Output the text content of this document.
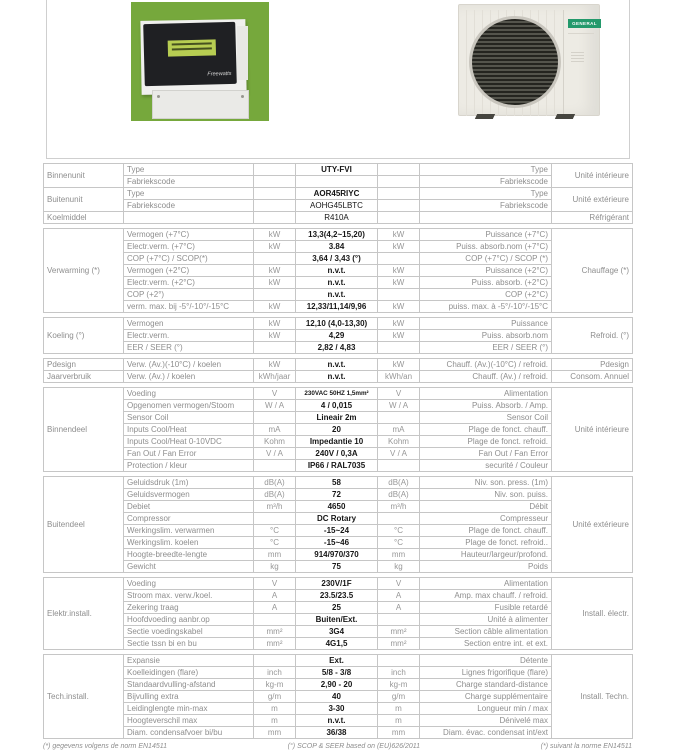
Freewatts
GENERAL
Binnenunit	Type		UTY-FVI		Type	Unité intérieure
	Fabriekscode				Fabriekscode	
Buitenunit	Type		AOR45RIYC		Type	Unité extérieure
	Fabriekscode		AOHG45LBTC		Fabriekscode	
Koelmiddel			R410A			Réfrigérant
Verwarming (*)	Vermogen (+7°C)	kW	13,3(4,2~15,20)	kW	Puissance (+7°C)	Chauffage (*)
	Electr.verm. (+7°C)	kW	3.84	kW	Puiss. absorb.nom (+7°C)	
	COP (+7°C) / SCOP(*)		3,64 / 3,43 (°)		COP (+7°C) / SCOP (*)	
	Vermogen (+2°C)	kW	n.v.t.	kW	Puissance (+2°C)	
	Electr.verm. (+2°C)	kW	n.v.t.	kW	Puiss. absorb. (+2°C)	
	COP (+2°)		n.v.t.		COP (+2°C)	
	verm. max. bij -5°/-10°/-15°C	kW	12,33/11,14/9,96	kW	puiss. max. à -5°/-10°/-15°C	
Koeling (°)	Vermogen	kW	12,10 (4,0-13,30)	kW	Puissance	Refroid. (°)
	Electr.verm.	kW	4,29	kW	Puiss. absorb.nom	
	EER / SEER (°)		2,82 / 4,83		EER / SEER (°)	
Pdesign	Verw. (Av.)(-10°C) / koelen	kW	n.v.t.	kW	Chauff. (Av.)(-10°C) / refroid.	Pdesign
Jaarverbruik	Verw. (Av.) / koelen	kWh/jaar	n.v.t.	kWh/an	Chauff. (Av.) / refroid.	Consom. Annuel
Binnendeel	Voeding	V	230VAC 50HZ 1,5mm²	V	Alimentation	Unité intérieure
	Opgenomen vermogen/Stoom	W / A	4 / 0,015	W / A	Puiss. Absorb. / Amp.	
	Sensor Coil		Lineair 2m		Sensor Coil	
	Inputs Cool/Heat	mA	20	mA	Plage de fonct. chauff.	
	Inputs Cool/Heat 0-10VDC	Kohm	Impedantie 10	Kohm	Plage de fonct. refroid.	
	Fan Out / Fan Error	V / A	240V / 0,3A	V / A	Fan Out / Fan Error	
	Protection / kleur		IP66 / RAL7035		securité / Couleur	
Buitendeel	Geluidsdruk (1m)	dB(A)	58	dB(A)	Niv. son. press. (1m)	Unité extérieure
	Geluidsvermogen	dB(A)	72	dB(A)	Niv. son. puiss.	
	Debiet	m³/h	4650	m³/h	Débit	
	Compressor		DC Rotary		Compresseur	
	Werkingslim. verwarmen	°C	-15~24	°C	Plage de fonct. chauff.	
	Werkingslim. koelen	°C	-15~46	°C	Plage de fonct. refroid..	
	Hoogte-breedte-lengte	mm	914/970/370	mm	Hauteur/largeur/profond.	
	Gewicht	kg	75	kg	Poids	
Elektr.install.	Voeding	V	230V/1F	V	Alimentation	Install. électr.
	Stroom max. verw./koel.	A	23.5/23.5	A	Amp. max chauff. / refroid.	
	Zekering traag	A	25	A	Fusible retardé	
	Hoofdvoeding aanbr.op		Buiten/Ext.		Unité à alimenter	
	Sectie voedingskabel	mm²	3G4	mm²	Section câble alimentation	
	Sectie tssn bi en bu	mm²	4G1,5	mm²	Section entre int. et ext.	
Tech.install.	Expansie		Ext.		Détente	Install. Techn.
	Koelleidingen (flare)	inch	5/8 - 3/8	inch	Lignes frigorifique (flare)	
	Standaardvulling-afstand	kg-m	2,90 - 20	kg-m	Charge standard-distance	
	Bijvulling extra	g/m	40	g/m	Charge supplémentaire	
	Leidinglengte min-max	m	3-30	m	Longueur min / max	
	Hoogteverschil max	m	n.v.t.	m	Dénivelé max	
	Diam. condensafvoer bi/bu	mm	36/38	mm	Diam. évac. condensat int/ext	
(*) gegevens volgens de norm EN14511	(°) SCOP & SEER based on (EU)626/2011	(*) suivant la norme EN14511
